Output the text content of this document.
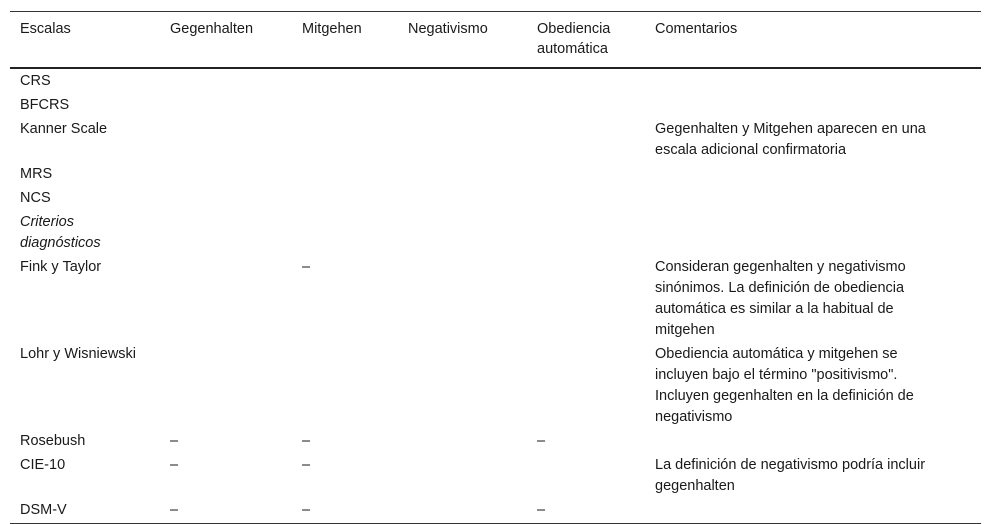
Escalas	Gegenhalten	Mitgehen	Negativismo	Obediencia automática	Comentarios
CRS					
BFCRS					
Kanner Scale					Gegenhalten y Mitgehen aparecen en una escala adicional confirmatoria
MRS					
NCS					
Criterios diagnósticos					
Fink y Taylor		–			Consideran gegenhalten y negativismo sinónimos. La definición de obediencia automática es similar a la habitual de mitgehen
Lohr y Wisniewski					Obediencia automática y mitgehen se incluyen bajo el término "positivismo". Incluyen gegenhalten en la definición de negativismo
Rosebush	–	–		–	
CIE-10	–	–			La definición de negativismo podría incluir gegenhalten
DSM-V	–	–		–	
